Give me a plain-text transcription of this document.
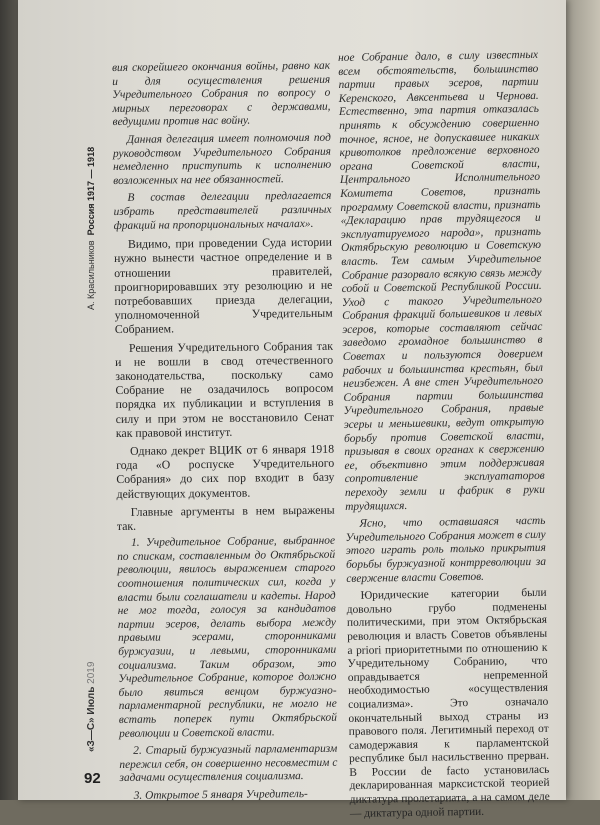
А. Красильников  Россия 1917 — 1918
«З—С» Июль 2019
92

вия скорейшего окончания войны, равно как и для осуществления решения Учредительного Собрания по вопросу о мирных переговорах с державами, ведущими против нас войну.

Данная делегация имеет полномочия под руководством Учредительного Собрания немедленно приступить к исполнению возложенных на нее обязанностей.

В состав делегации предлагается избрать представителей различных фракций на пропорциональных началах».

Видимо, при проведении Суда истории нужно вынести частное определение и в отношении правителей, проигнорировавших эту резолюцию и не потребовавших приезда делегации, уполномоченной Учредительным Собранием.

Решения Учредительного Собрания так и не вошли в свод отечественного законодательства, поскольку само Собрание не озадачилось вопросом порядка их публикации и вступления в силу и при этом не восстановило Сенат как правовой институт.

Однако декрет ВЦИК от 6 января 1918 года «О роспуске Учредительного Собрания» до сих пор входит в базу действующих документов.

Главные аргументы в нем выражены так.

1. Учредительное Собрание, выбранное по спискам, составленным до Октябрьской революции, явилось выражением старого соотношения политических сил, когда у власти были соглашатели и кадеты. Народ не мог тогда, голосуя за кандидатов партии эсеров, делать выбора между правыми эсерами, сторонниками буржуазии, и левыми, сторонниками социализма. Таким образом, это Учредительное Собрание, которое должно было явиться венцом буржуазно-парламентарной республики, не могло не встать поперек пути Октябрьской революции и Советской власти.

2. Старый буржуазный парламентаризм пережил себя, он совершенно несовместим с задачами осуществления социализма.

3. Открытое 5 января Учредитель-

ное Собрание дало, в силу известных всем обстоятельств, большинство партии правых эсеров, партии Керенского, Авксентьева и Чернова. Естественно, эта партия отказалась принять к обсуждению совершенно точное, ясное, не допускавшее никаких кривотолков предложение верховного органа Советской власти, Центрального Исполнительного Комитета Советов, признать программу Советской власти, признать «Декларацию прав трудящегося и эксплуатируемого народа», признать Октябрьскую революцию и Советскую власть. Тем самым Учредительное Собрание разорвало всякую связь между собой и Советской Республикой России. Уход с такого Учредительного Собрания фракций большевиков и левых эсеров, которые составляют сейчас заведомо громадное большинство в Советах и пользуются доверием рабочих и большинства крестьян, был неизбежен. А вне стен Учредительного Собрания партии большинства Учредительного Собрания, правые эсеры и меньшевики, ведут открытую борьбу против Советской власти, призывая в своих органах к свержению ее, объективно этим поддерживая сопротивление эксплуататоров переходу земли и фабрик в руки трудящихся.

Ясно, что оставшаяся часть Учредительного Собрания может в силу этого играть роль только прикрытия борьбы буржуазной контрреволюции за свержение власти Советов.

Юридические категории были довольно грубо подменены политическими, при этом Октябрьская революция и власть Советов объявлены a priori приоритетными по отношению к Учредительному Собранию, что оправдывается непременной необходимостью «осуществления социализма». Это означало окончательный выход страны из правового поля. Легитимный переход от самодержавия к парламентской республике был насильственно прерван. В России de facto установилась декларированная марксистской теорией диктатура пролетариата, а на самом деле — диктатура одной партии.
